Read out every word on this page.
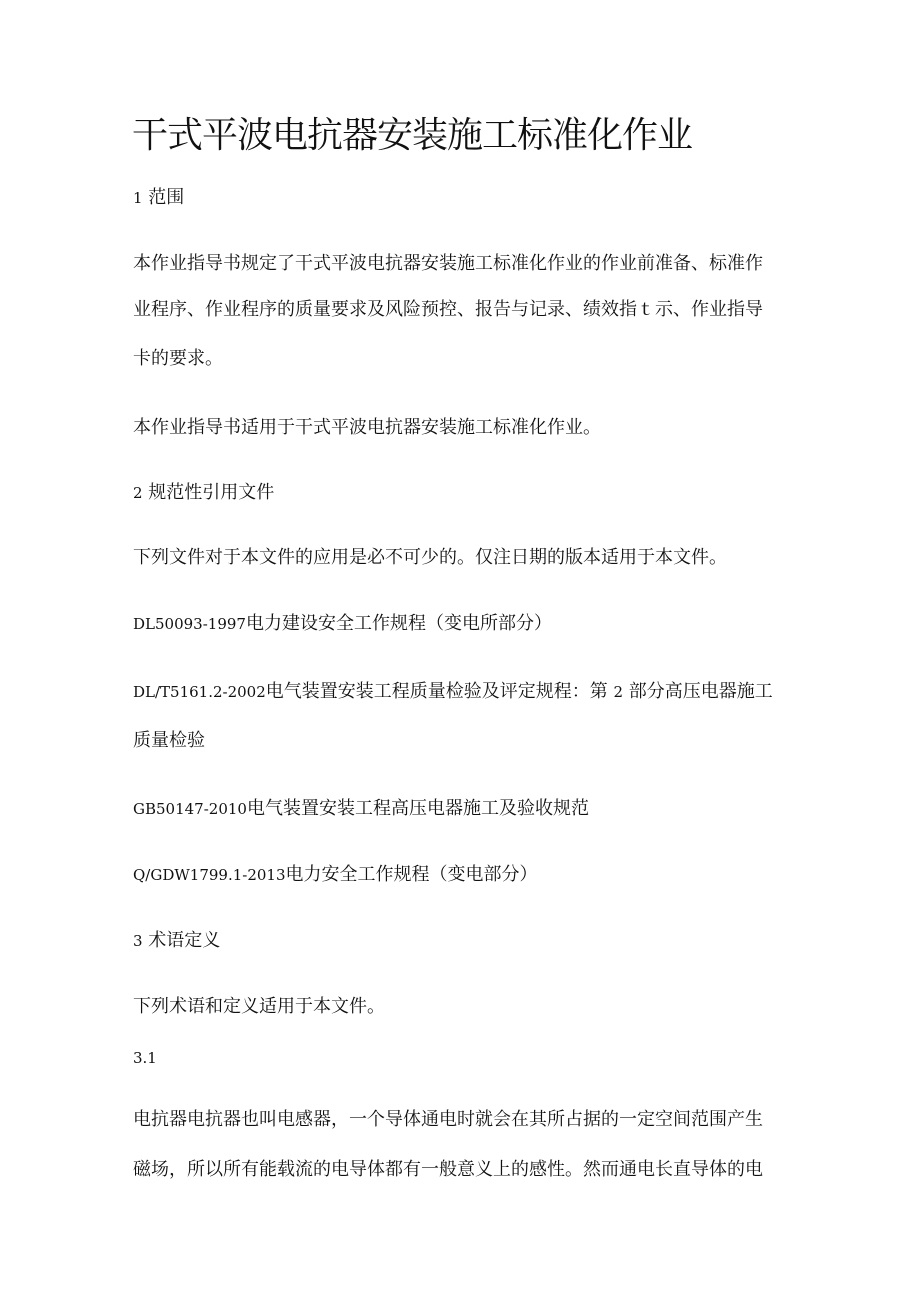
干式平波电抗器安装施工标准化作业

1 范围

本作业指导书规定了干式平波电抗器安装施工标准化作业的作业前准备、标准作

业程序、作业程序的质量要求及风险预控、报告与记录、绩效指ｔ示、作业指导

卡的要求。

本作业指导书适用于干式平波电抗器安装施工标准化作业。

2 规范性引用文件

下列文件对于本文件的应用是必不可少的。仅注日期的版本适用于本文件。

DL50093-1997电力建设安全工作规程（变电所部分）

DL/T5161.2-2002电气装置安装工程质量检验及评定规程：第 2 部分高压电器施工

质量检验

GB50147-2010电气装置安装工程高压电器施工及验收规范

Q/GDW1799.1-2013电力安全工作规程（变电部分）

3 术语定义

下列术语和定义适用于本文件。

3.1

电抗器电抗器也叫电感器，一个导体通电时就会在其所占据的一定空间范围产生

磁场，所以所有能载流的电导体都有一般意义上的感性。然而通电长直导体的电
